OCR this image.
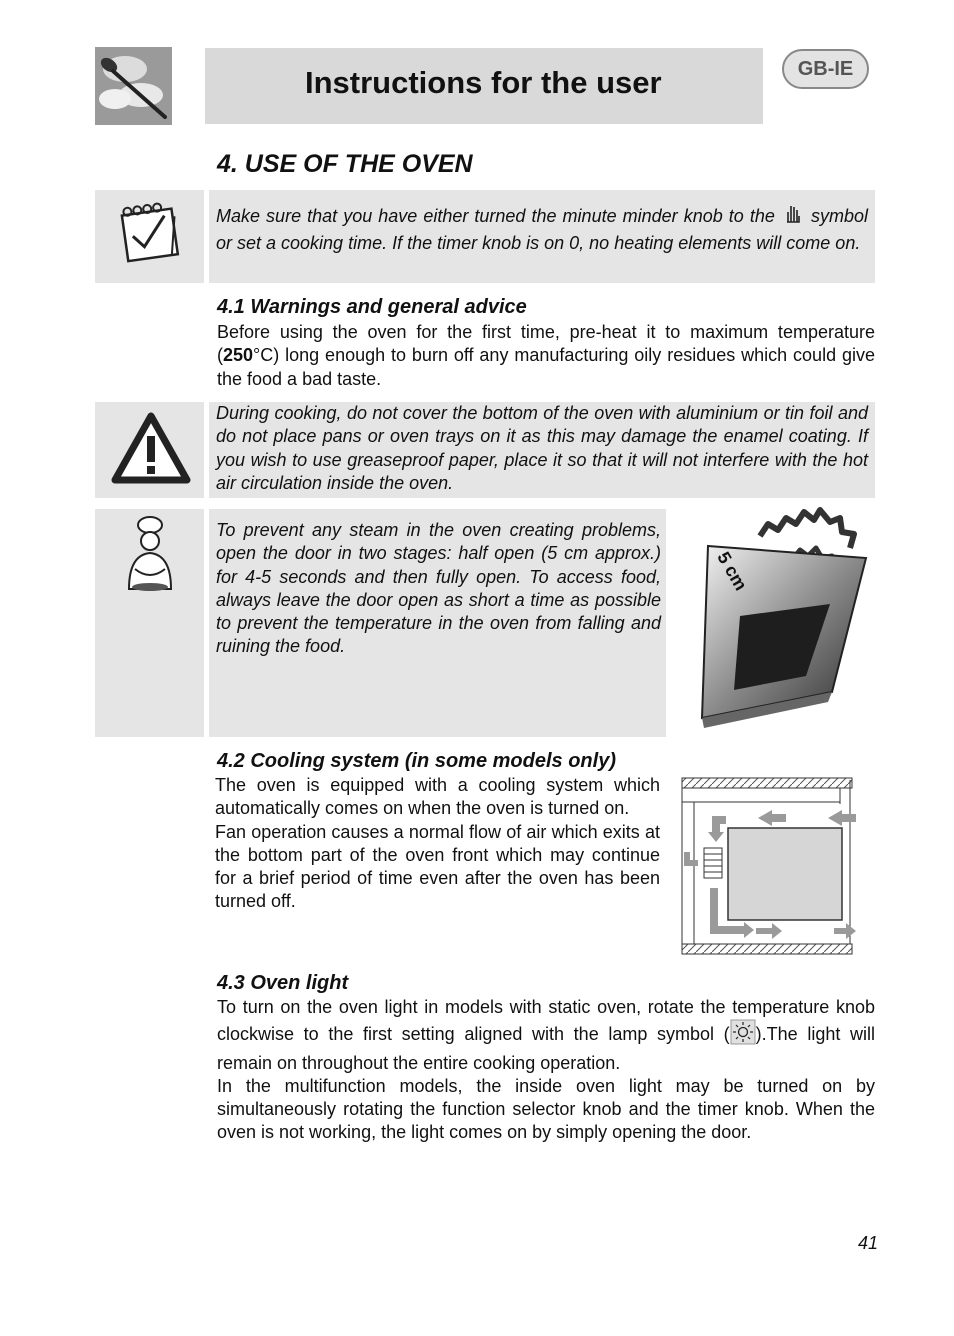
Instructions for the user	GB-IE
4. USE OF THE OVEN
Make sure that you have either turned the minute minder knob to the symbol or set a cooking time. If the timer knob is on 0, no heating elements will come on.
4.1 Warnings and general advice
Before using the oven for the first time, pre-heat it to maximum temperature (250°C) long enough to burn off any manufacturing oily residues which could give the food a bad taste.
During cooking, do not cover the bottom of the oven with aluminium or tin foil and do not place pans or oven trays on it as this may damage the enamel coating. If you wish to use greaseproof paper, place it so that it will not interfere with the hot air circulation inside the oven.
To prevent any steam in the oven creating problems, open the door in two stages: half open (5 cm approx.) for 4-5 seconds and then fully open. To access food, always leave the door open as short a time as possible to prevent the temperature in the oven from falling and ruining the food.
5 cm
4.2 Cooling system (in some models only)
The oven is equipped with a cooling system which automatically comes on when the oven is turned on.
Fan operation causes a normal flow of air which exits at the bottom part of the oven front which may continue for a brief period of time even after the oven has been turned off.
4.3 Oven light
To turn on the oven light in models with static oven, rotate the temperature knob clockwise to the first setting aligned with the lamp symbol ( ).The light will remain on throughout the entire cooking operation.
In the multifunction models, the inside oven light may be turned on by simultaneously rotating the function selector knob and the timer knob. When the oven is not working, the light comes on by simply opening the door.
41
